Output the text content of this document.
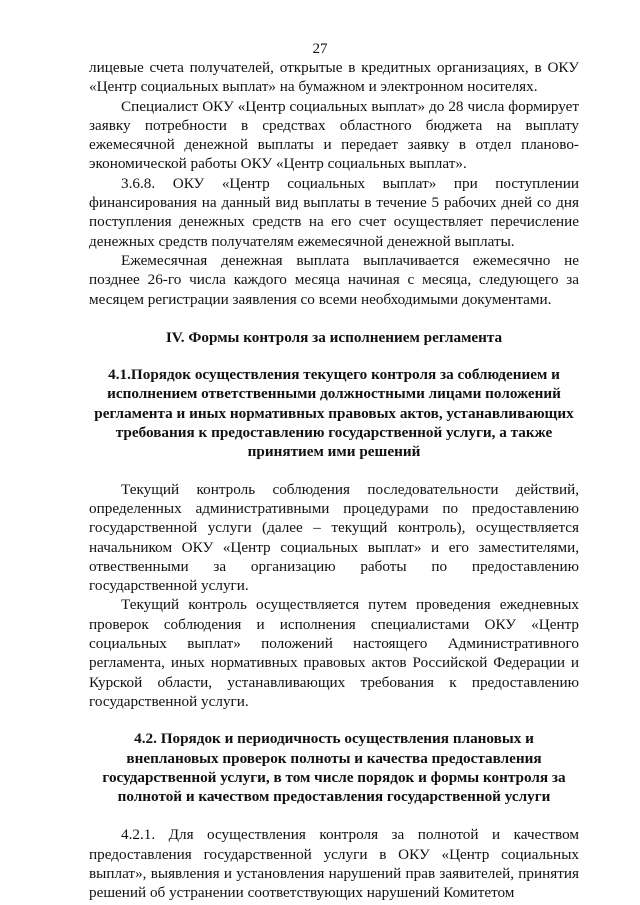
27

лицевые счета получателей, открытые в кредитных организациях, в ОКУ «Центр социальных выплат» на бумажном и электронном носителях.

Специалист ОКУ «Центр социальных выплат» до 28 числа формирует заявку потребности в средствах областного бюджета на выплату ежемесячной денежной выплаты и передает заявку в отдел планово-экономической работы ОКУ «Центр социальных выплат».

3.6.8. ОКУ «Центр социальных выплат» при поступлении финансирования на данный вид выплаты в течение 5 рабочих дней со дня поступления денежных средств на его счет осуществляет перечисление денежных средств получателям ежемесячной денежной выплаты.

Ежемесячная денежная выплата выплачивается ежемесячно не позднее 26-го числа каждого месяца начиная с месяца, следующего за месяцем регистрации заявления со всеми необходимыми документами.

IV. Формы контроля за исполнением регламента
4.1.Порядок осуществления текущего контроля за соблюдением и исполнением ответственными должностными лицами положений регламента и иных нормативных правовых актов, устанавливающих требования к предоставлению государственной услуги, а также принятием ими решений

Текущий контроль соблюдения последовательности действий, определенных административными процедурами по предоставлению государственной услуги (далее – текущий контроль), осуществляется начальником ОКУ «Центр социальных выплат» и его заместителями, отвественными за организацию работы по предоставлению государственной услуги.

Текущий контроль осуществляется путем проведения ежедневных проверок соблюдения и исполнения специалистами ОКУ «Центр социальных выплат» положений настоящего Административного регламента, иных нормативных правовых актов Российской Федерации и Курской области, устанавливающих требования к предоставлению государственной услуги.

4.2. Порядок и периодичность осуществления плановых и внеплановых проверок полноты и качества предоставления государственной услуги, в том числе порядок и формы контроля за полнотой и качеством предоставления государственной услуги

4.2.1. Для осуществления контроля за полнотой и качеством предоставления государственной услуги в ОКУ «Центр социальных выплат», выявления и установления нарушений прав заявителей, принятия решений об устранении соответствующих нарушений Комитетом
